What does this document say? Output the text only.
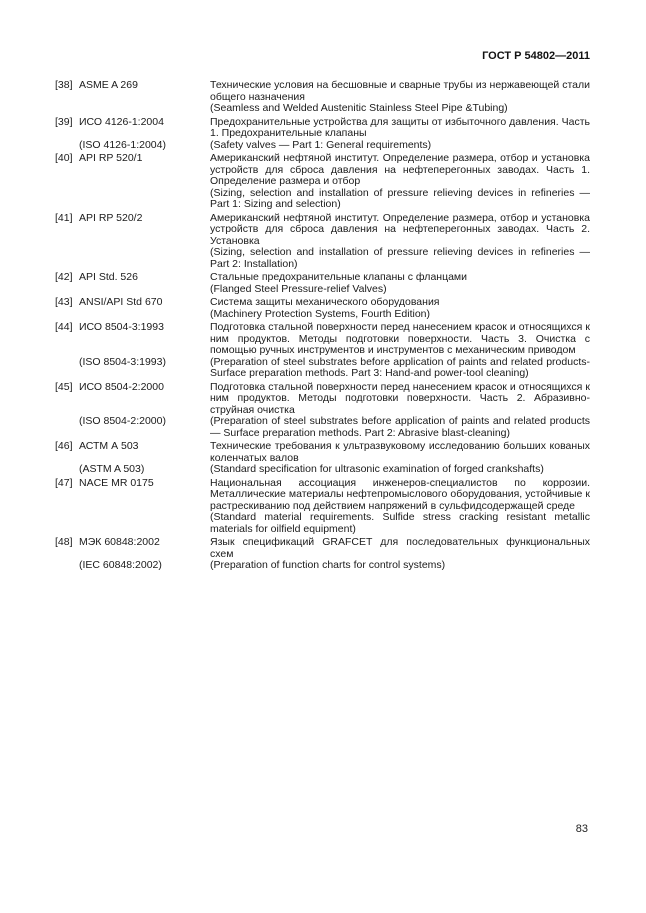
ГОСТ Р 54802—2011
[38] ASME A 269	Технические условия на бесшовные и сварные трубы из нержавеющей стали общего назначения
(Seamless and Welded Austenitic Stainless Steel Pipe &Tubing)
[39] ИСО 4126-1:2004	Предохранительные устройства для защиты от избыточного давления. Часть 1. Предохранительные клапаны
(ISO 4126-1:2004)	(Safety valves — Part 1: General requirements)
[40] API RP 520/1	Американский нефтяной институт. Определение размера, отбор и установка устройств для сброса давления на нефтеперегонных заводах. Часть 1. Определение размера и отбор
(Sizing, selection and installation of pressure relieving devices in refineries — Part 1: Sizing and selection)
[41] API RP 520/2	Американский нефтяной институт. Определение размера, отбор и установка устройств для сброса давления на нефтеперегонных заводах. Часть 2. Установка
(Sizing, selection and installation of pressure relieving devices in refineries — Part 2: Installation)
[42] API Std. 526	Стальные предохранительные клапаны с фланцами
(Flanged Steel Pressure-relief Valves)
[43] ANSI/API Std 670	Система защиты механического оборудования
(Machinery Protection Systems, Fourth Edition)
[44] ИСО 8504-3:1993	Подготовка стальной поверхности перед нанесением красок и относящихся к ним продуктов. Методы подготовки поверхности. Часть 3. Очистка с помощью ручных инструментов и инструментов с механическим приводом
(ISO 8504-3:1993)	(Preparation of steel substrates before application of paints and related products-Surface preparation methods. Part 3: Hand-and power-tool cleaning)
[45] ИСО 8504-2:2000	Подготовка стальной поверхности перед нанесением красок и относящихся к ним продуктов. Методы подготовки поверхности. Часть 2. Абразивно-струйная очистка
(ISO 8504-2:2000)	(Preparation of steel substrates before application of paints and related products — Surface preparation methods. Part 2: Abrasive blast-cleaning)
[46] АСТМ А 503	Технические требования к ультразвуковому исследованию больших кованых коленчатых валов
(ASTM A 503)	(Standard specification for ultrasonic examination of forged crankshafts)
[47] NACE MR 0175	Национальная ассоциация инженеров-специалистов по коррозии. Металлические материалы нефтепромыслового оборудования, устойчивые к растрескиванию под действием напряжений в сульфидсодержащей среде
(Standard material requirements. Sulfide stress cracking resistant metallic materials for oilfield equipment)
[48] МЭК 60848:2002	Язык спецификаций GRAFCET для последовательных функциональных схем
(IEC 60848:2002)	(Preparation of function charts for control systems)
83
